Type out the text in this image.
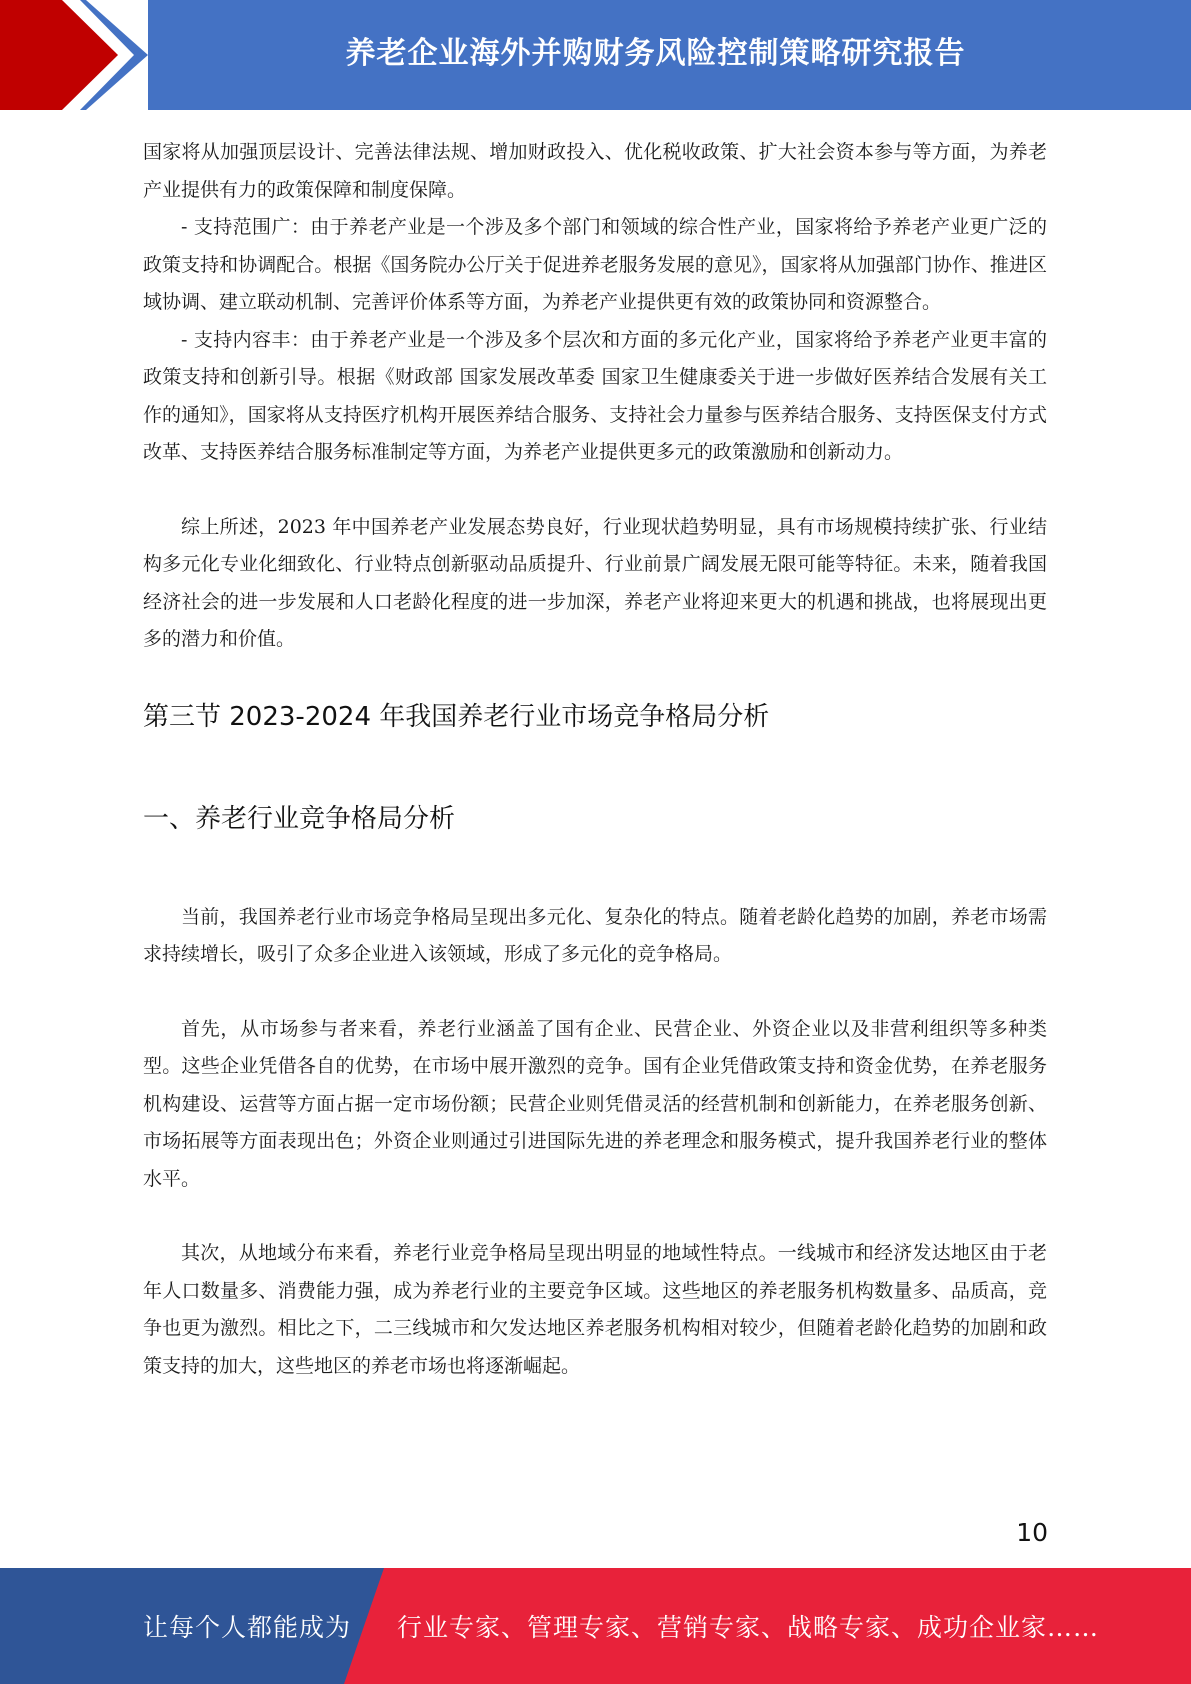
养老企业海外并购财务风险控制策略研究报告

国家将从加强顶层设计、完善法律法规、增加财政投入、优化税收政策、扩大社会资本参与等方面，为养老产业提供有力的政策保障和制度保障。

- 支持范围广：由于养老产业是一个涉及多个部门和领域的综合性产业，国家将给予养老产业更广泛的政策支持和协调配合。根据《国务院办公厅关于促进养老服务发展的意见》，国家将从加强部门协作、推进区域协调、建立联动机制、完善评价体系等方面，为养老产业提供更有效的政策协同和资源整合。

- 支持内容丰：由于养老产业是一个涉及多个层次和方面的多元化产业，国家将给予养老产业更丰富的政策支持和创新引导。根据《财政部 国家发展改革委 国家卫生健康委关于进一步做好医养结合发展有关工作的通知》，国家将从支持医疗机构开展医养结合服务、支持社会力量参与医养结合服务、支持医保支付方式改革、支持医养结合服务标准制定等方面，为养老产业提供更多元的政策激励和创新动力。

综上所述，2023 年中国养老产业发展态势良好，行业现状趋势明显，具有市场规模持续扩张、行业结构多元化专业化细致化、行业特点创新驱动品质提升、行业前景广阔发展无限可能等特征。未来，随着我国经济社会的进一步发展和人口老龄化程度的进一步加深，养老产业将迎来更大的机遇和挑战，也将展现出更多的潜力和价值。

第三节 2023-2024 年我国养老行业市场竞争格局分析
一、养老行业竞争格局分析

当前，我国养老行业市场竞争格局呈现出多元化、复杂化的特点。随着老龄化趋势的加剧，养老市场需求持续增长，吸引了众多企业进入该领域，形成了多元化的竞争格局。

首先，从市场参与者来看，养老行业涵盖了国有企业、民营企业、外资企业以及非营利组织等多种类型。这些企业凭借各自的优势，在市场中展开激烈的竞争。国有企业凭借政策支持和资金优势，在养老服务机构建设、运营等方面占据一定市场份额；民营企业则凭借灵活的经营机制和创新能力，在养老服务创新、市场拓展等方面表现出色；外资企业则通过引进国际先进的养老理念和服务模式，提升我国养老行业的整体水平。

其次，从地域分布来看，养老行业竞争格局呈现出明显的地域性特点。一线城市和经济发达地区由于老年人口数量多、消费能力强，成为养老行业的主要竞争区域。这些地区的养老服务机构数量多、品质高，竞争也更为激烈。相比之下，二三线城市和欠发达地区养老服务机构相对较少，但随着老龄化趋势的加剧和政策支持的加大，这些地区的养老市场也将逐渐崛起。

10
让每个人都能成为 行业专家、管理专家、营销专家、战略专家、成功企业家……
